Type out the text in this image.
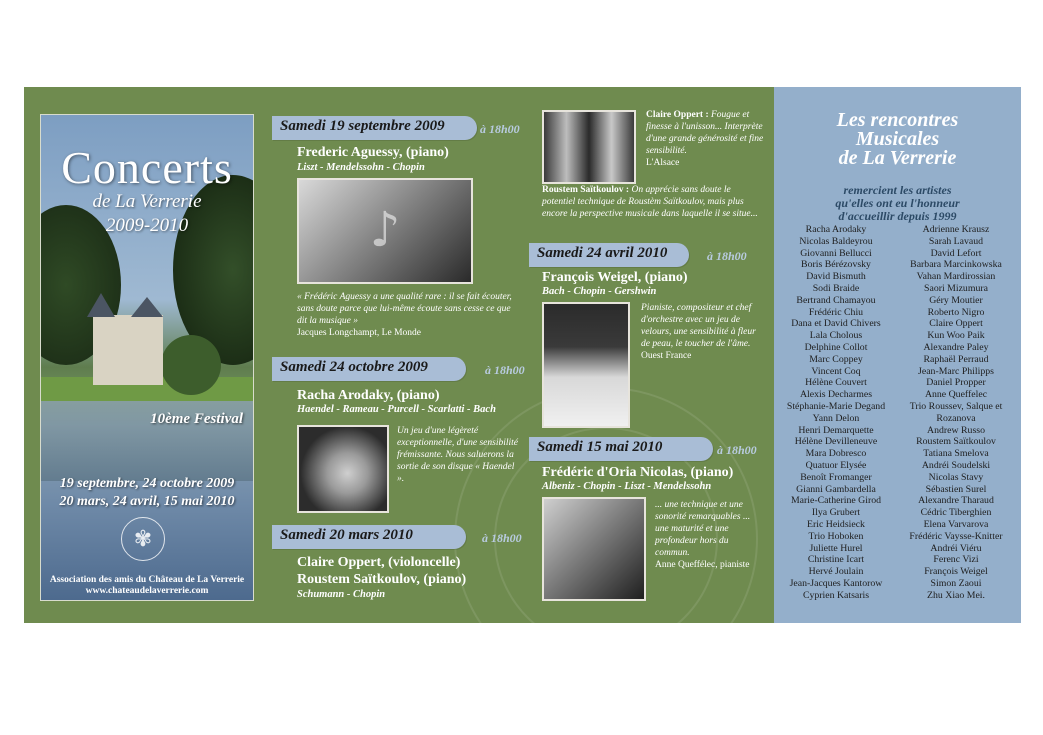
Concerts
de La Verrerie
2009-2010
10ème Festival
19 septembre, 24 octobre 2009
20 mars, 24 avril, 15 mai 2010
✾
Association des amis du Château de La Verrerie
www.chateaudelaverrerie.com
Samedi 19 septembre 2009	à 18h00
Frederic Aguessy, (piano)
Liszt - Mendelssohn - Chopin
♪
« Frédéric Aguessy a une qualité rare : il se fait écouter, sans doute parce que lui-même écoute sans cesse ce que dit la musique »
Jacques Longchampt, Le Monde
Samedi 24 octobre 2009	à 18h00
Racha Arodaky, (piano)
Haendel - Rameau - Purcell - Scarlatti - Bach
Un jeu d'une légèreté exceptionnelle, d'une sensibilité frémissante. Nous saluerons la sortie de son disque « Haendel ».
Samedi 20 mars 2010	à 18h00
Claire Oppert, (violoncelle)
Roustem Saïtkoulov, (piano)
Schumann - Chopin
Claire Oppert : Fougue et finesse à l'unisson... Interprète d'une grande générosité et fine sensibilité.
L'Alsace
Roustem Saïtkoulov : On apprécie sans doute le potentiel technique de Roustèm Saïtkoulov, mais plus encore la perspective musicale dans laquelle il se situe...
Samedi 24 avril 2010	à 18h00
François Weigel, (piano)
Bach - Chopin - Gershwin
Pianiste, compositeur et chef d'orchestre avec un jeu de velours, une sensibilité à fleur de peau, le toucher de l'âme.
Ouest France
Samedi 15 mai 2010	à 18h00
Frédéric d'Oria Nicolas, (piano)
Albeniz - Chopin - Liszt - Mendelssohn
... une technique et une sonorité remarquables ... une maturité et une profondeur hors du commun.
Anne Queffélec, pianiste
Les rencontres
Musicales
de La Verrerie
remercient les artistes
qu'elles ont eu l'honneur
d'accueillir depuis 1999
Racha Arodaky
Nicolas Baldeyrou
Giovanni Bellucci
Boris Bérézovsky
David Bismuth
Sodi Braide
Bertrand Chamayou
Frédéric Chiu
Dana et David Chivers
Lala Cholous
Delphine Collot
Marc Coppey
Vincent Coq
Hélène Couvert
Alexis Decharmes
Stéphanie-Marie Degand
Yann Delon
Henri Demarquette
Hélène Devilleneuve
Mara Dobresco
Quatuor Elysée
Benoît Fromanger
Gianni Gambardella
Marie-Catherine Girod
Ilya Grubert
Eric Heidsieck
Trio Hoboken
Juliette Hurel
Christine Icart
Hervé Joulain
Jean-Jacques Kantorow
Cyprien Katsaris
Adrienne Krausz
Sarah Lavaud
David Lefort
Barbara Marcinkowska
Vahan Mardirossian
Saori Mizumura
Géry Moutier
Roberto Nigro
Claire Oppert
Kun Woo Paik
Alexandre Paley
Raphaël Perraud
Jean-Marc Philipps
Daniel Propper
Anne Queffelec
Trio Roussev, Salque et
Rozanova
Andrew Russo
Roustem Saïtkoulov
Tatiana Smelova
Andréi Soudelski
Nicolas Stavy
Sébastien Surel
Alexandre Tharaud
Cédric Tiberghien
Elena Varvarova
Frédéric Vaysse-Knitter
Andréi Viéru
Ferenc Vizi
François Weigel
Simon Zaoui
Zhu Xiao Mei.
